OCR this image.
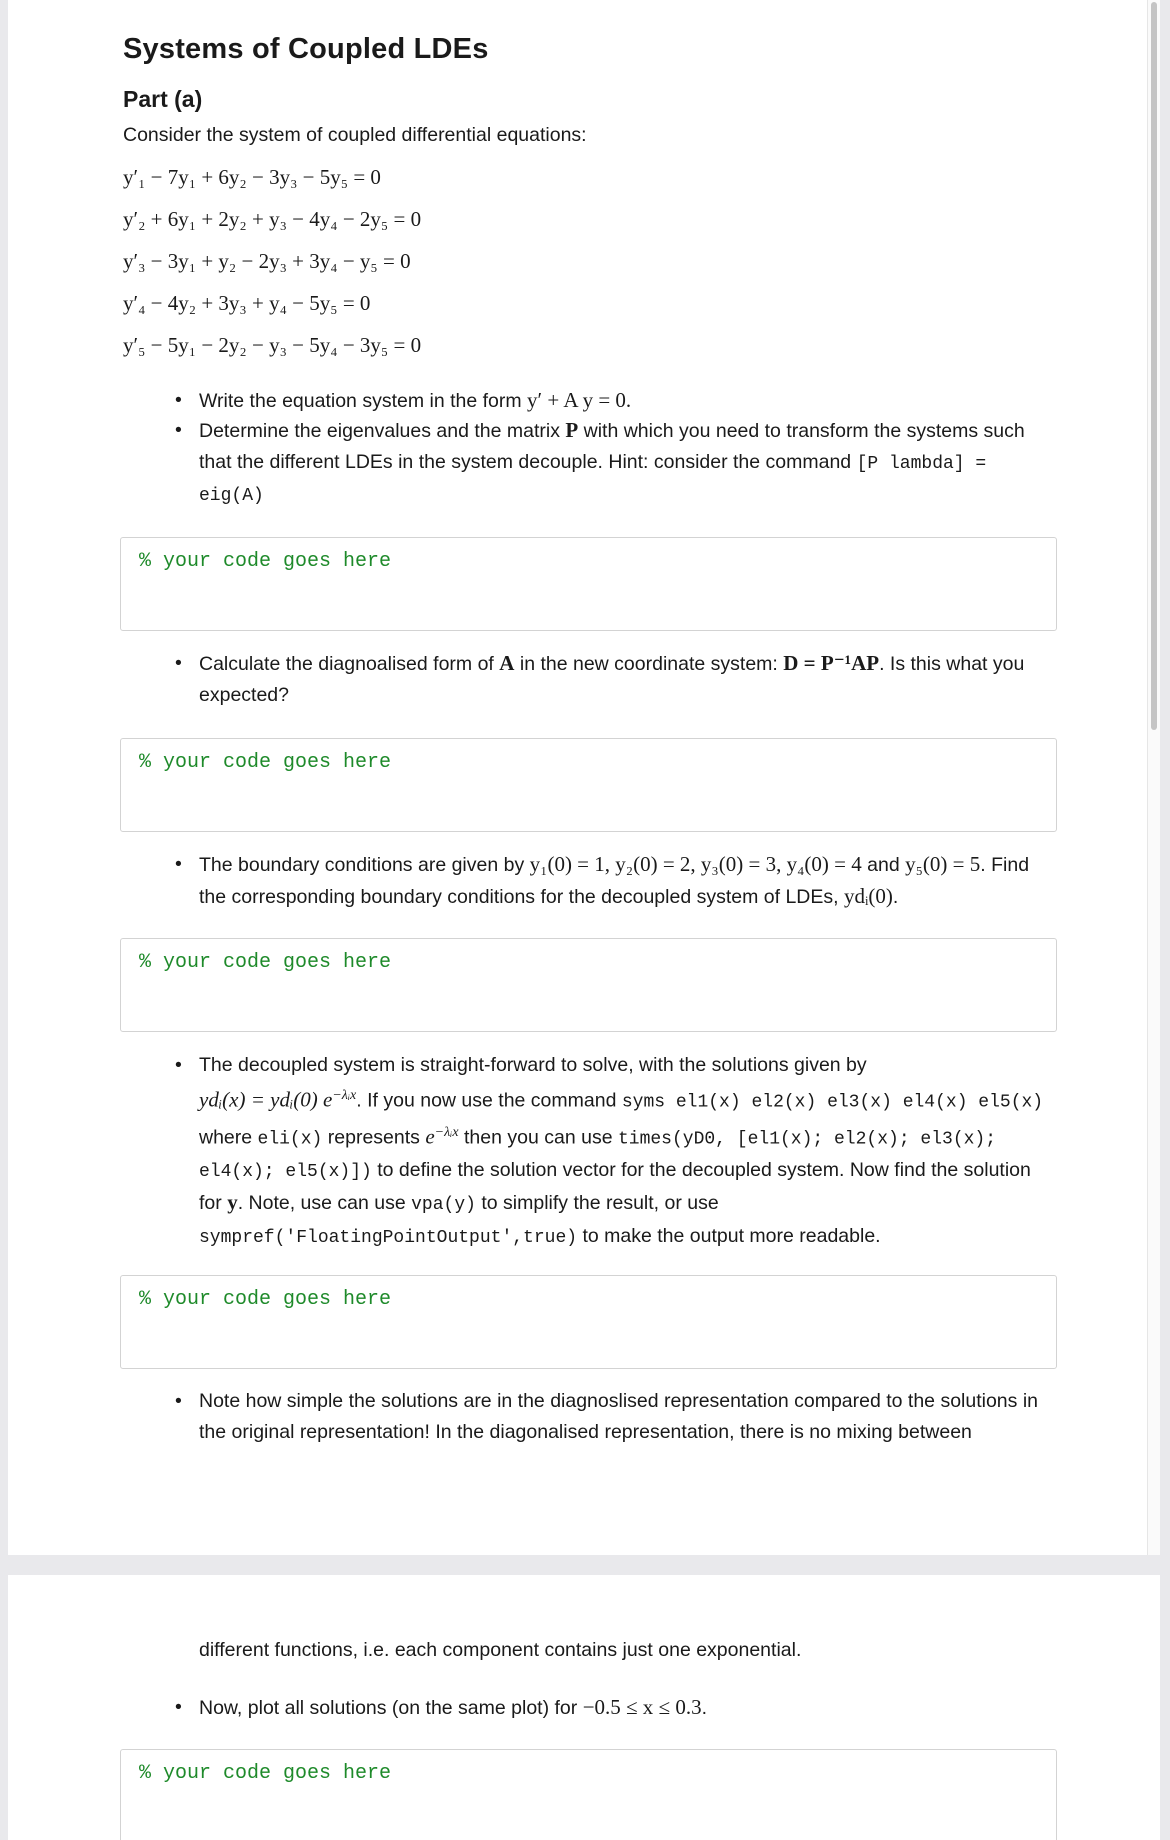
Systems of Coupled LDEs
Part (a)
Consider the system of coupled differential equations:
y′₁ − 7y₁ + 6y₂ − 3y₃ − 5y₅ = 0
y′₂ + 6y₁ + 2y₂ + y₃ − 4y₄ − 2y₅ = 0
y′₃ − 3y₁ + y₂ − 2y₃ + 3y₄ − y₅ = 0
y′₄ − 4y₂ + 3y₃ + y₄ − 5y₅ = 0
y′₅ − 5y₁ − 2y₂ − y₃ − 5y₄ − 3y₅ = 0
• Write the equation system in the form y′ + A y = 0.
• Determine the eigenvalues and the matrix P with which you need to transform the systems such that the different LDEs in the system decouple. Hint: consider the command [P lambda] = eig(A)
% your code goes here
• Calculate the diagnoalised form of A in the new coordinate system: D = P⁻¹AP. Is this what you expected?
% your code goes here
• The boundary conditions are given by y₁(0) = 1, y₂(0) = 2, y₃(0) = 3, y₄(0) = 4 and y₅(0) = 5. Find the corresponding boundary conditions for the decoupled system of LDEs, ydᵢ(0).
% your code goes here
• The decoupled system is straight-forward to solve, with the solutions given by
ydᵢ(x) = ydᵢ(0) $e^{-\lambda ᵢx}$. If you now use the command syms el1(x) el2(x) el3(x) el4(x) el5(x) where eli(x) represents $e^{-\lambda ᵢx}$ then you can use times(yD0, [el1(x); el2(x); el3(x); el4(x); el5(x)]) to define the solution vector for the decoupled system. Now find the solution for y. Note, use can use vpa(y) to simplify the result, or use sympref('FloatingPointOutput',true) to make the output more readable.
% your code goes here
• Note how simple the solutions are in the diagnoslised representation compared to the solutions in the original representation! In the diagonalised representation, there is no mixing between
different functions, i.e. each component contains just one exponential.
• Now, plot all solutions (on the same plot) for −0.5 ≤ x ≤ 0.3.
% your code goes here
